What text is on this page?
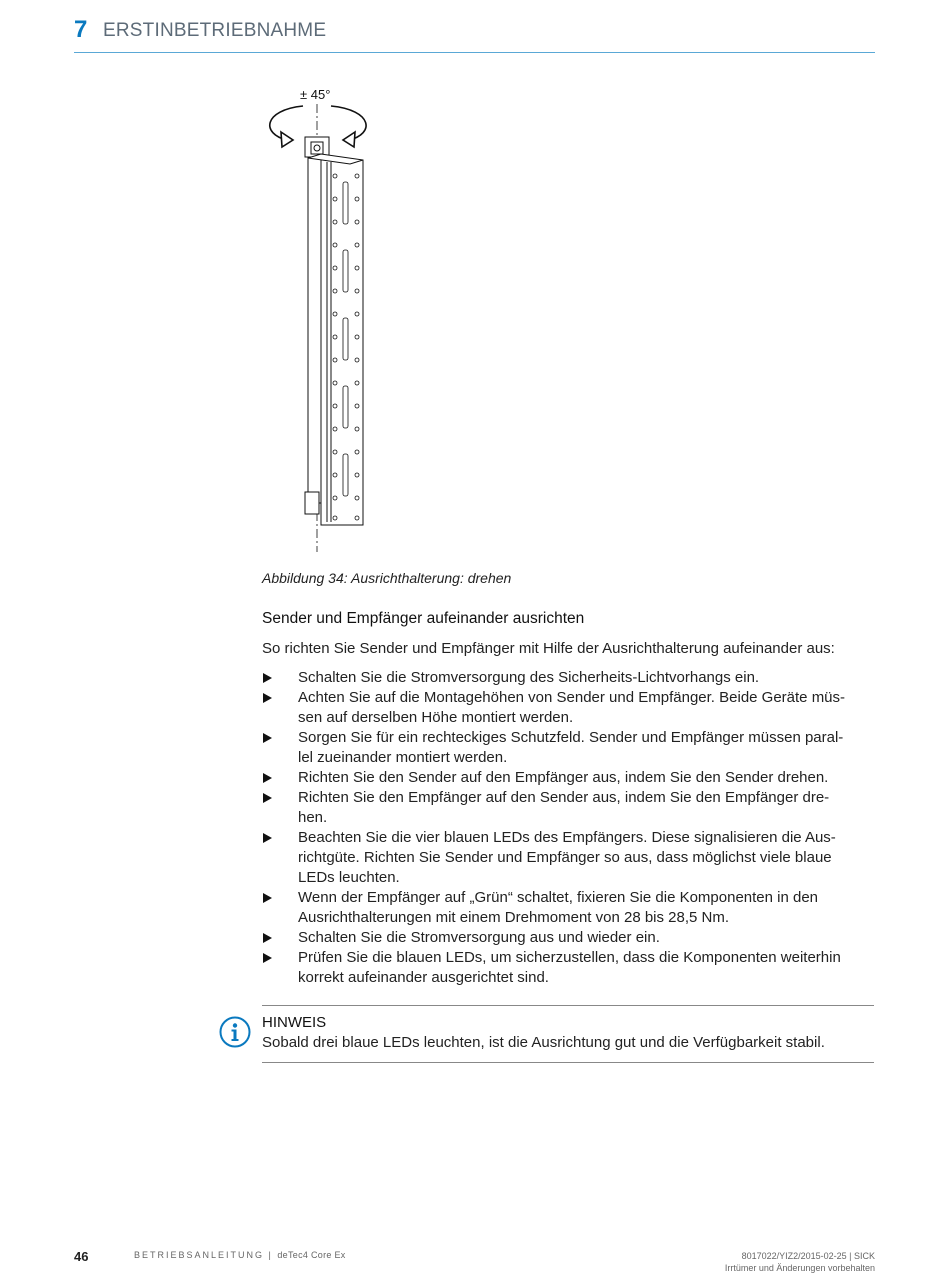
7 ERSTINBETRIEBNAHME
± 45°
Abbildung 34: Ausrichthalterung: drehen
Sender und Empfänger aufeinander ausrichten
So richten Sie Sender und Empfänger mit Hilfe der Ausrichthalterung aufeinander aus:
Schalten Sie die Stromversorgung des Sicherheits-Lichtvorhangs ein.
Achten Sie auf die Montagehöhen von Sender und Empfänger. Beide Geräte müs-
sen auf derselben Höhe montiert werden.
Sorgen Sie für ein rechteckiges Schutzfeld. Sender und Empfänger müssen paral-
lel zueinander montiert werden.
Richten Sie den Sender auf den Empfänger aus, indem Sie den Sender drehen.
Richten Sie den Empfänger auf den Sender aus, indem Sie den Empfänger dre-
hen.
Beachten Sie die vier blauen LEDs des Empfängers. Diese signalisieren die Aus-
richtgüte. Richten Sie Sender und Empfänger so aus, dass möglichst viele blaue
LEDs leuchten.
Wenn der Empfänger auf „Grün“ schaltet, fixieren Sie die Komponenten in den
Ausrichthalterungen mit einem Drehmoment von 28 bis 28,5 Nm.
Schalten Sie die Stromversorgung aus und wieder ein.
Prüfen Sie die blauen LEDs, um sicherzustellen, dass die Komponenten weiterhin
korrekt aufeinander ausgerichtet sind.
HINWEIS
Sobald drei blaue LEDs leuchten, ist die Ausrichtung gut und die Verfügbarkeit stabil.
46	BETRIEBSANLEITUNG | deTec4 Core Ex	8017022/YIZ2/2015-02-25 | SICK
Irrtümer und Änderungen vorbehalten
